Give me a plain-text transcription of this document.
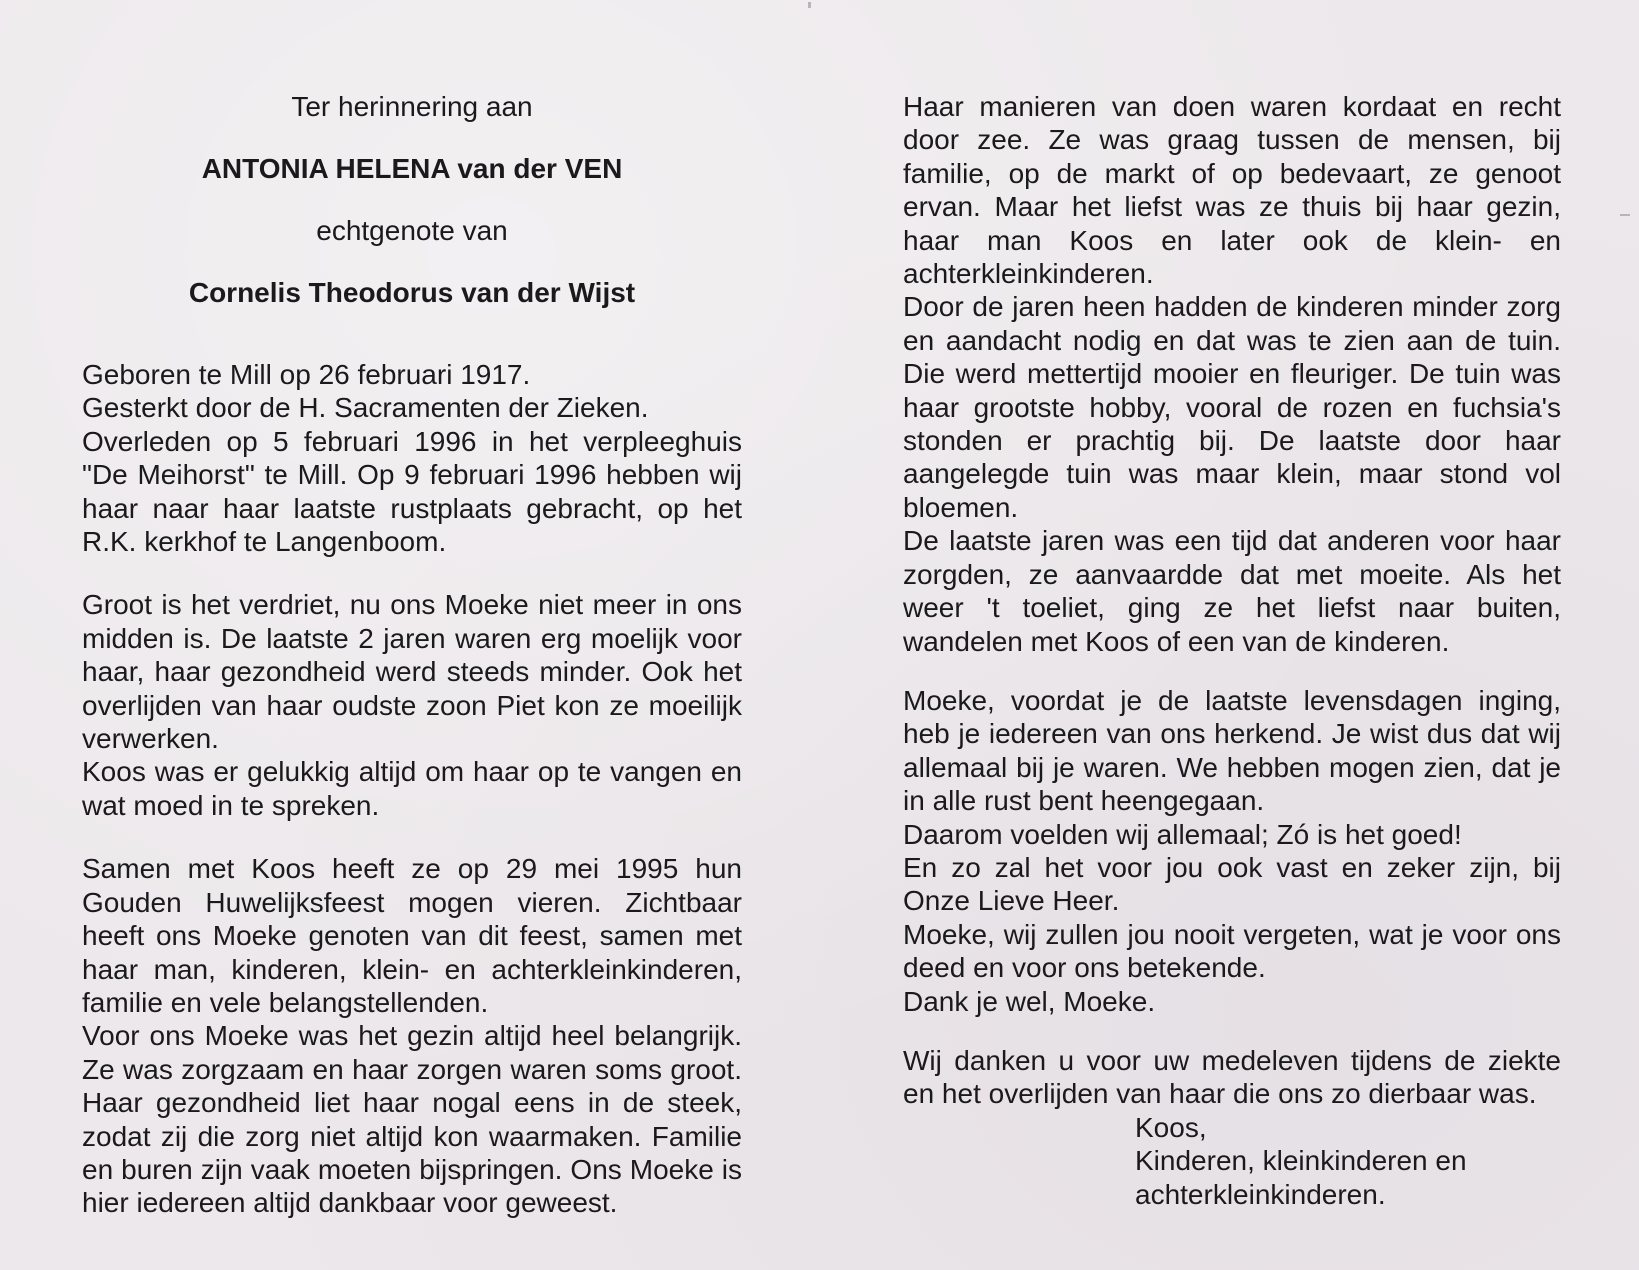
Ter herinnering aan

ANTONIA HELENA van der VEN

echtgenote van

Cornelis Theodorus van der Wijst

Geboren te Mill op 26 februari 1917.

Gesterkt door de H. Sacramenten der Zieken.

Overleden op 5 februari 1996 in het verpleeghuis "De Meihorst" te Mill. Op 9 februari 1996 hebben wij haar naar haar laatste rustplaats gebracht, op het R.K. kerkhof te Langenboom.

Groot is het verdriet, nu ons Moeke niet meer in ons midden is. De laatste 2 jaren waren erg moelijk voor haar, haar gezondheid werd steeds minder. Ook het overlijden van haar oudste zoon Piet kon ze moeilijk verwerken.

Koos was er gelukkig altijd om haar op te vangen en wat moed in te spreken.

Samen met Koos heeft ze op 29 mei 1995 hun Gouden Huwelijksfeest mogen vieren. Zichtbaar heeft ons Moeke genoten van dit feest, samen met haar man, kinderen, klein- en achterkleinkinderen, familie en vele belangstellenden.

Voor ons Moeke was het gezin altijd heel belangrijk. Ze was zorgzaam en haar zorgen waren soms groot. Haar gezondheid liet haar nogal eens in de steek, zodat zij die zorg niet altijd kon waarmaken. Familie en buren zijn vaak moeten bijspringen. Ons Moeke is hier iedereen altijd dankbaar voor geweest.

Haar manieren van doen waren kordaat en recht door zee. Ze was graag tussen de mensen, bij familie, op de markt of op bedevaart, ze genoot ervan. Maar het liefst was ze thuis bij haar gezin, haar man Koos en later ook de klein- en achterkleinkinderen.

Door de jaren heen hadden de kinderen minder zorg en aandacht nodig en dat was te zien aan de tuin. Die werd mettertijd mooier en fleuriger. De tuin was haar grootste hobby, vooral de rozen en fuchsia's stonden er prachtig bij. De laatste door haar aangelegde tuin was maar klein, maar stond vol bloemen.

De laatste jaren was een tijd dat anderen voor haar zorgden, ze aanvaardde dat met moeite. Als het weer 't toeliet, ging ze het liefst naar buiten, wandelen met Koos of een van de kinderen.

Moeke, voordat je de laatste levensdagen inging, heb je iedereen van ons herkend. Je wist dus dat wij allemaal bij je waren. We hebben mogen zien, dat je in alle rust bent heengegaan.

Daarom voelden wij allemaal; Zó is het goed!

En zo zal het voor jou ook vast en zeker zijn, bij Onze Lieve Heer.

Moeke, wij zullen jou nooit vergeten, wat je voor ons deed en voor ons betekende.

Dank je wel, Moeke.

Wij danken u voor uw medeleven tijdens de ziekte en het overlijden van haar die ons zo dierbaar was.

Koos,
Kinderen, kleinkinderen en
achterkleinkinderen.
